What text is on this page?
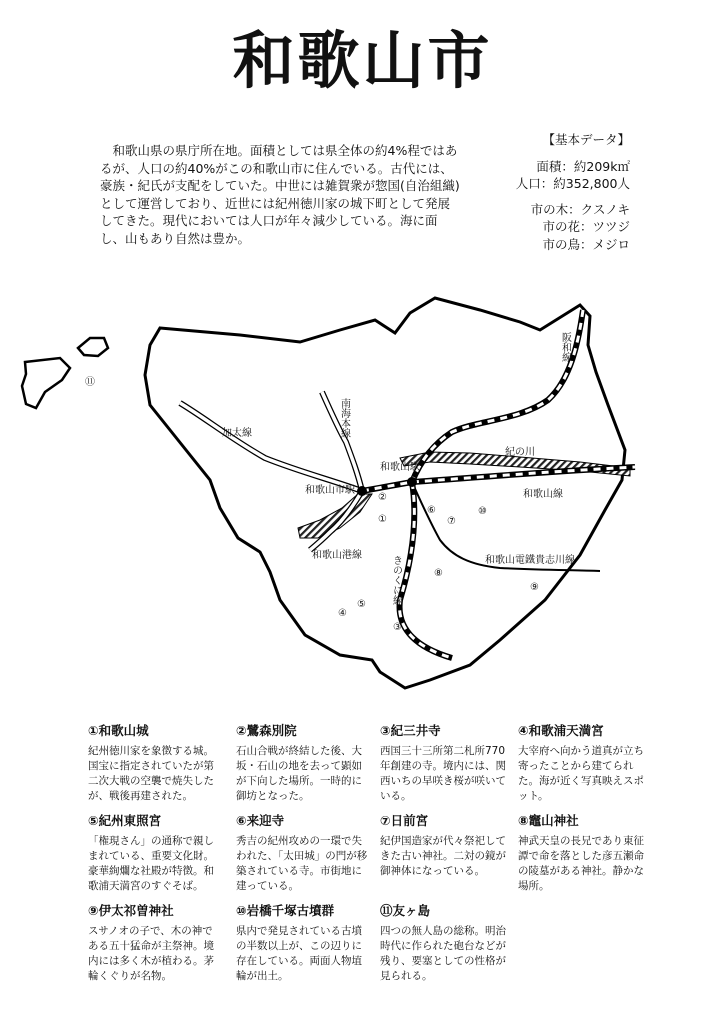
和歌山市

和歌山県の県庁所在地。面積としては県全体の約4%程ではあるが、人口の約40%がこの和歌山市に住んでいる。古代には、豪族・紀氏が支配をしていた。中世には雑賀衆が惣国(自治組織)として運営しており、近世には紀州徳川家の城下町として発展してきた。現代においては人口が年々減少している。海に面し、山もあり自然は豊か。

【基本データ】
面積：約209k㎡
人口：約352,800人
市の木：クスノキ
市の花：ツツジ
市の鳥：メジロ
阪和線
南海本線
加太線
紀の川
和歌山駅
和歌山市駅	和歌山線
和歌山港線	きのくに線	和歌山電鐵貴志川線
①
②
③
④
⑤
⑥
⑦
⑧
⑨
⑩
⑪
①和歌山城
紀州徳川家を象徴する城。国宝に指定されていたが第二次大戦の空襲で焼失したが、戦後再建された。
②鷺森別院
石山合戦が終結した後、大坂・石山の地を去って顕如が下向した場所。一時的に御坊となった。
③紀三井寺
西国三十三所第二札所770年創建の寺。境内には、関西いちの早咲き桜が咲いている。
④和歌浦天満宮
大宰府へ向かう道真が立ち寄ったことから建てられた。海が近く写真映えスポット。
⑤紀州東照宮
「権現さん」の通称で親しまれている、重要文化財。豪華絢爛な社殿が特徴。和歌浦天満宮のすぐそば。
⑥来迎寺
秀吉の紀州攻めの一環で失われた、「太田城」の門が移築されている寺。市街地に建っている。
⑦日前宮
紀伊国造家が代々祭祀してきた古い神社。二対の鏡が御神体になっている。
⑧竈山神社
神武天皇の長兄であり東征譚で命を落とした彦五瀬命の陵墓がある神社。静かな場所。
⑨伊太祁曽神社
スサノオの子で、木の神である五十猛命が主祭神。境内には多く木が植わる。茅輪くぐりが名物。
⑩岩橋千塚古墳群
県内で発見されている古墳の半数以上が、この辺りに存在している。両面人物埴輪が出土。
⑪友ヶ島
四つの無人島の総称。明治時代に作られた砲台などが残り、要塞としての性格が見られる。
